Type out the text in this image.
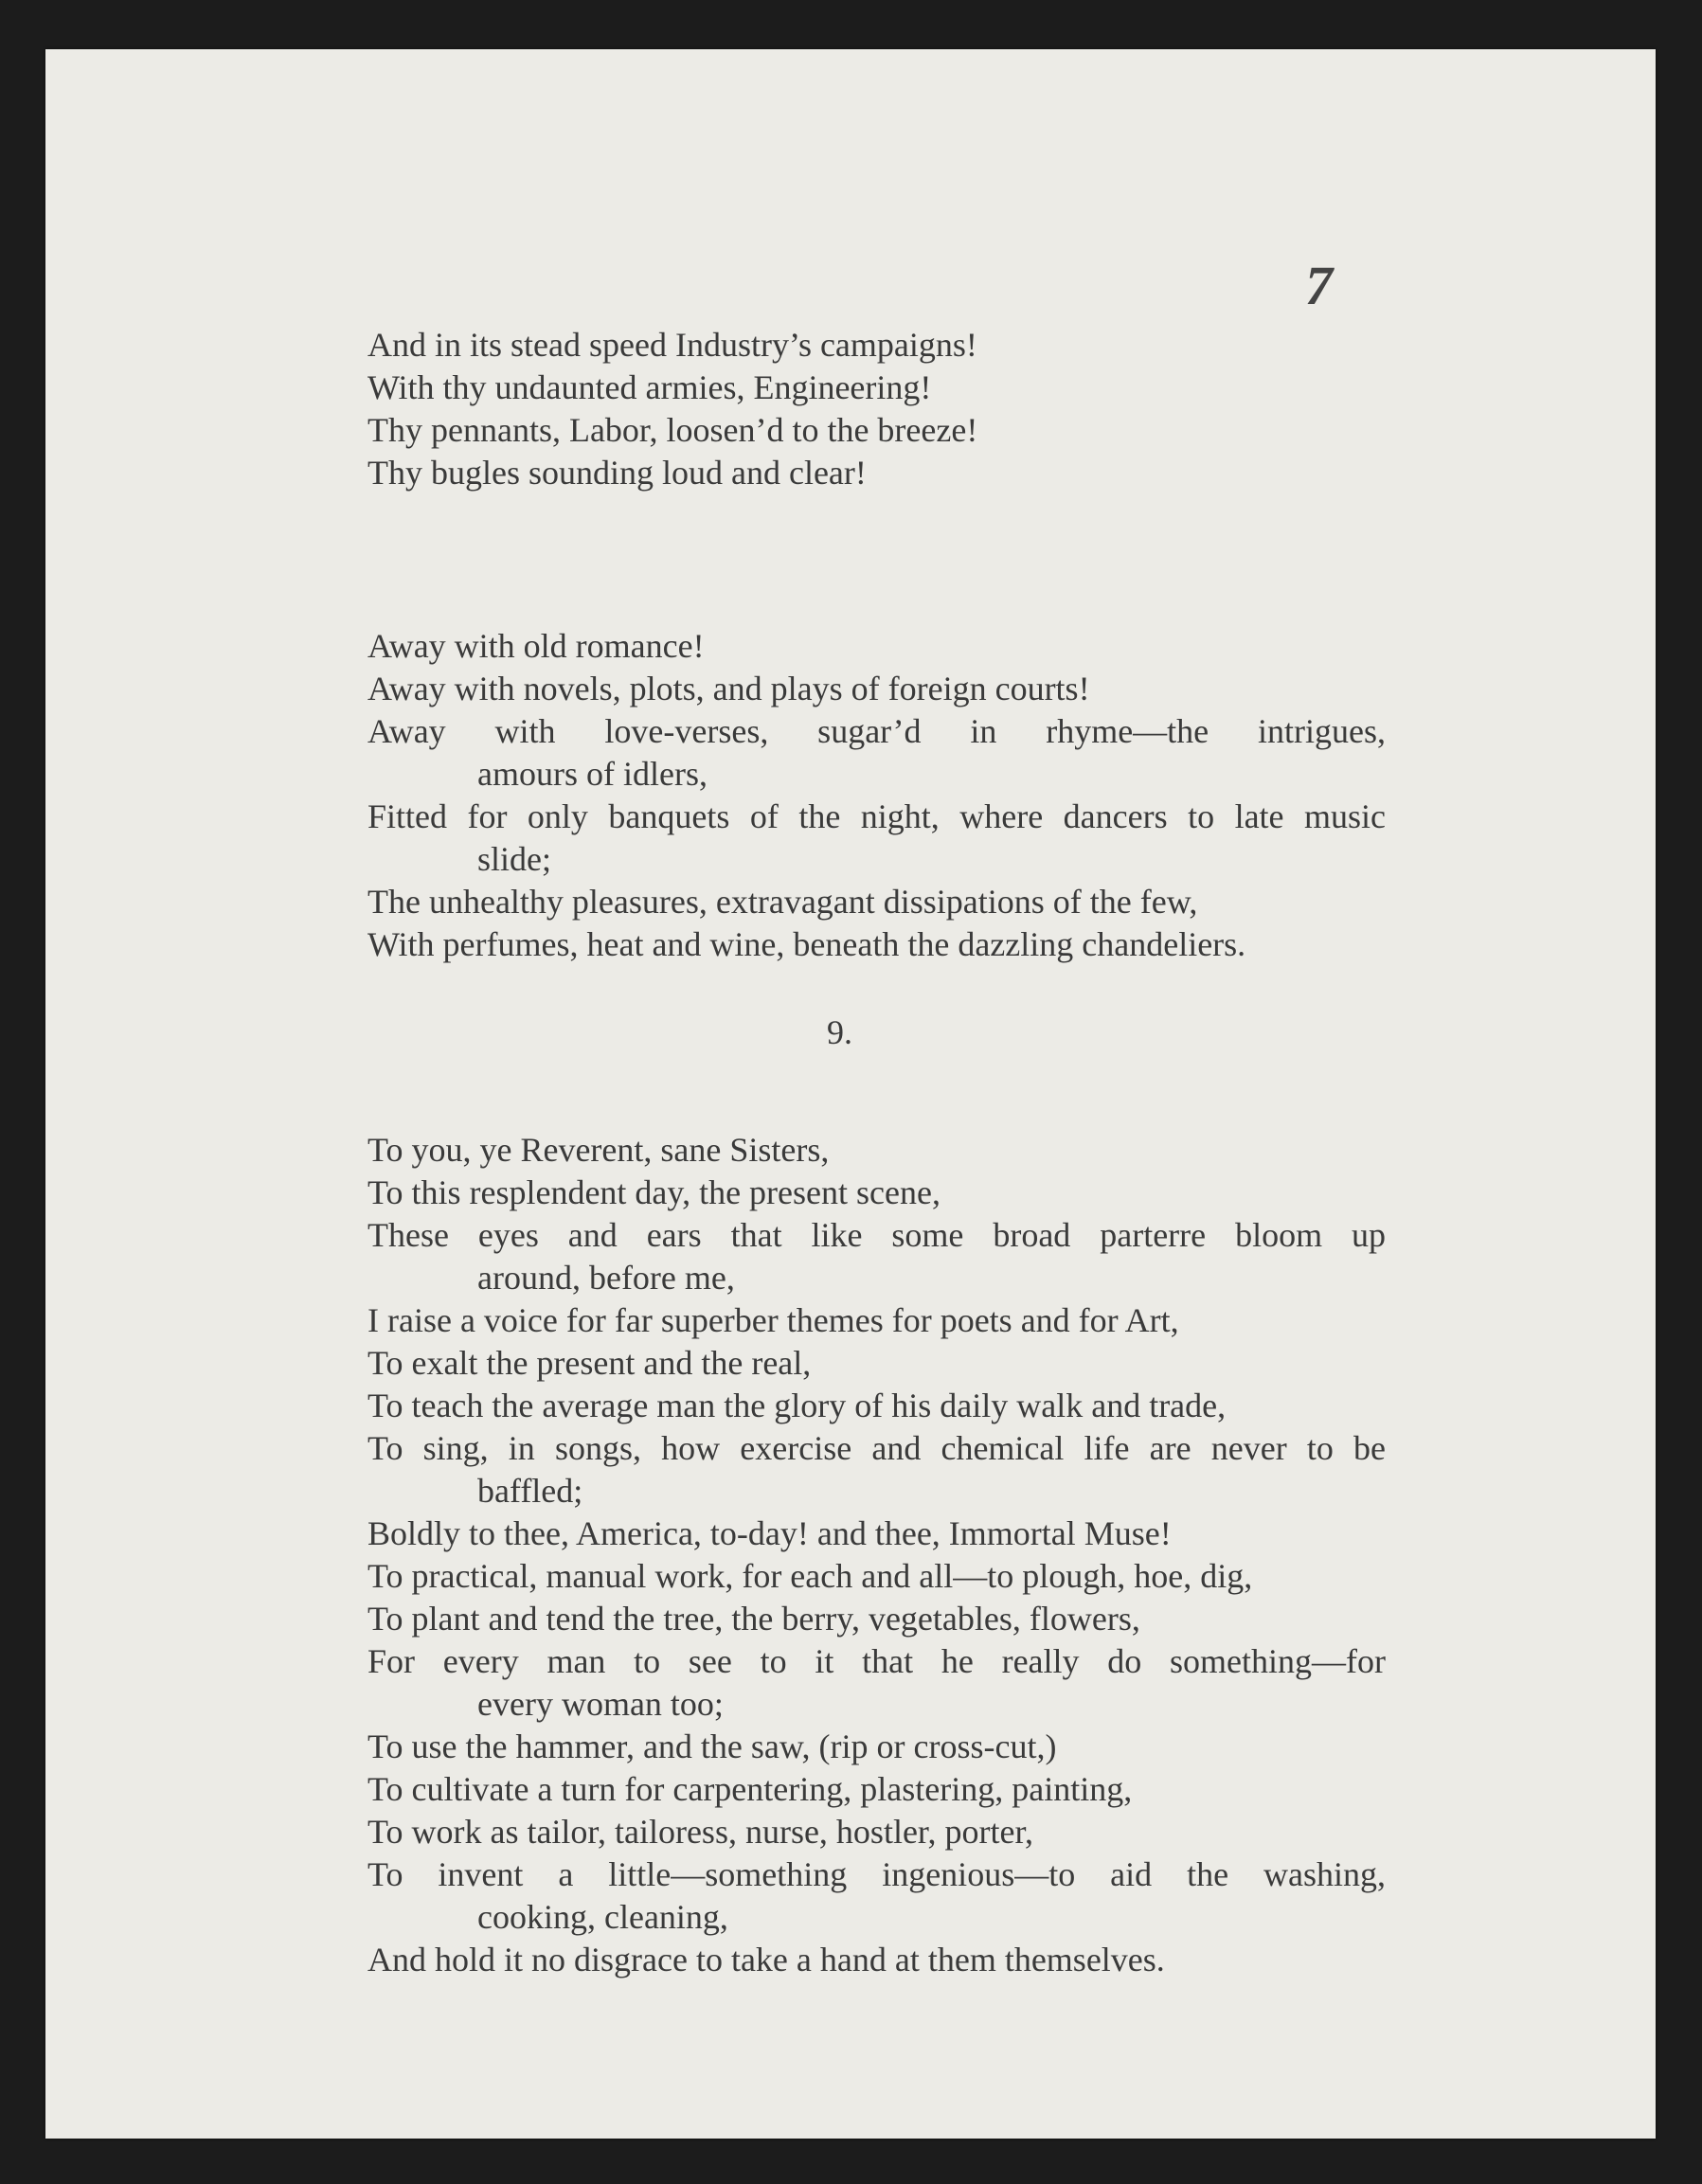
7

And in its stead speed Industry’s campaigns!

With thy undaunted armies, Engineering!

Thy pennants, Labor, loosen’d to the breeze!

Thy bugles sounding loud and clear!

Away with old romance!

Away with novels, plots, and plays of foreign courts!

Away with love-verses, sugar’d in rhyme—the intrigues,

amours of idlers,

Fitted for only banquets of the night, where dancers to late music

slide;

The unhealthy pleasures, extravagant dissipations of the few,

With perfumes, heat and wine, beneath the dazzling chandeliers.

9.

To you, ye Reverent, sane Sisters,

To this resplendent day, the present scene,

These eyes and ears that like some broad parterre bloom up

around, before me,

I raise a voice for far superber themes for poets and for Art,

To exalt the present and the real,

To teach the average man the glory of his daily walk and trade,

To sing, in songs, how exercise and chemical life are never to be

baffled;

Boldly to thee, America, to-day! and thee, Immortal Muse!

To practical, manual work, for each and all—to plough, hoe, dig,

To plant and tend the tree, the berry, vegetables, flowers,

For every man to see to it that he really do something—for

every woman too;

To use the hammer, and the saw, (rip or cross-cut,)

To cultivate a turn for carpentering, plastering, painting,

To work as tailor, tailoress, nurse, hostler, porter,

To invent a little—something ingenious—to aid the washing,

cooking, cleaning,

And hold it no disgrace to take a hand at them themselves.
